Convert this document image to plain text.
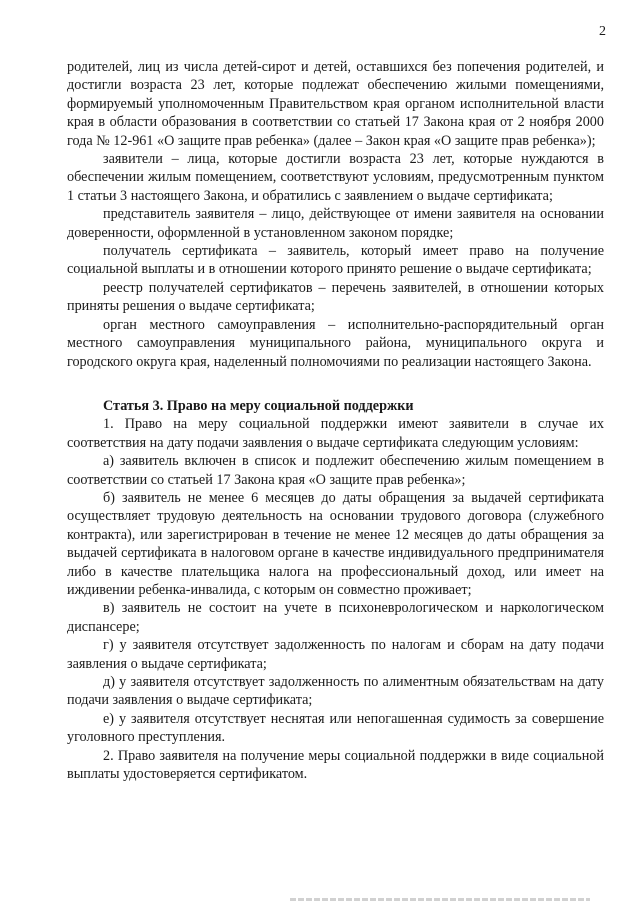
2

родителей, лиц из числа детей-сирот и детей, оставшихся без попечения родителей, и достигли возраста 23 лет, которые подлежат обеспечению жилыми помещениями, формируемый уполномоченным Правительством края органом исполнительной власти края в области образования в соответствии со статьей 17 Закона края от 2 ноября 2000 года № 12-961 «О защите прав ребенка» (далее – Закон края «О защите прав ребенка»);

заявители – лица, которые достигли возраста 23 лет, которые нуждаются в обеспечении жилым помещением, соответствуют условиям, предусмотренным пунктом 1 статьи 3 настоящего Закона, и обратились с заявлением о выдаче сертификата;

представитель заявителя – лицо, действующее от имени заявителя на основании доверенности, оформленной в установленном законом порядке;

получатель сертификата – заявитель, который имеет право на получение социальной выплаты и в отношении которого принято решение о выдаче сертификата;

реестр получателей сертификатов – перечень заявителей, в отношении которых приняты решения о выдаче сертификата;

орган местного самоуправления – исполнительно-распорядительный орган местного самоуправления муниципального района, муниципального округа и городского округа края, наделенный полномочиями по реализации настоящего Закона.

Статья 3. Право на меру социальной поддержки

1. Право на меру социальной поддержки имеют заявители в случае их соответствия на дату подачи заявления о выдаче сертификата следующим условиям:

а) заявитель включен в список и подлежит обеспечению жилым помещением в соответствии со статьей 17 Закона края «О защите прав ребенка»;

б) заявитель не менее 6 месяцев до даты обращения за выдачей сертификата осуществляет трудовую деятельность на основании трудового договора (служебного контракта), или зарегистрирован в течение не менее 12 месяцев до даты обращения за выдачей сертификата в налоговом органе в качестве индивидуального предпринимателя либо в качестве плательщика налога на профессиональный доход, или имеет на иждивении ребенка-инвалида, с которым он совместно проживает;

в) заявитель не состоит на учете в психоневрологическом и наркологическом диспансере;

г) у заявителя отсутствует задолженность по налогам и сборам на дату подачи заявления о выдаче сертификата;

д) у заявителя отсутствует задолженность по алиментным обязательствам на дату подачи заявления о выдаче сертификата;

е) у заявителя отсутствует неснятая или непогашенная судимость за совершение уголовного преступления.

2. Право заявителя на получение меры социальной поддержки в виде социальной выплаты удостоверяется сертификатом.
